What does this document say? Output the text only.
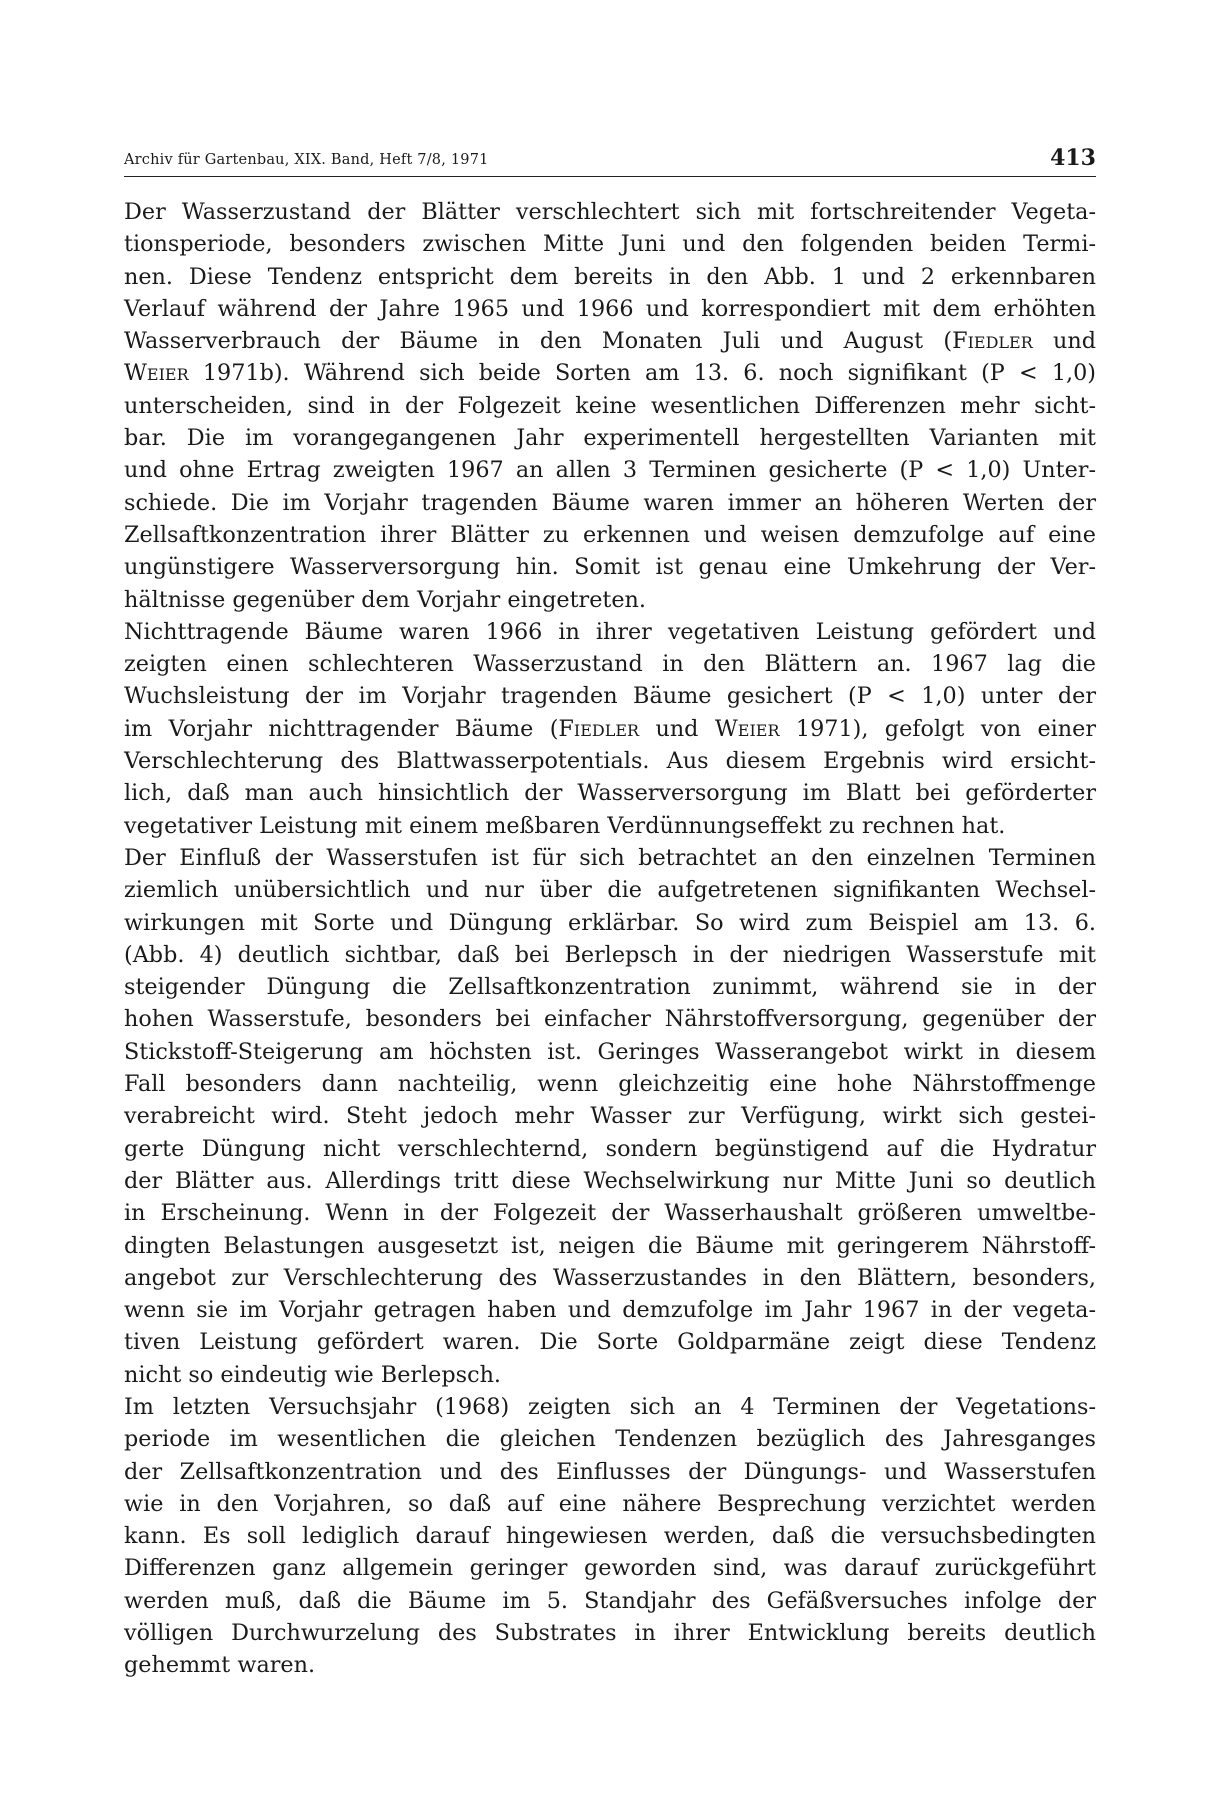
Archiv für Gartenbau, XIX. Band, Heft 7/8, 1971	413
Der Wasserzustand der Blätter verschlechtert sich mit fortschreitender Vegeta-
tionsperiode, besonders zwischen Mitte Juni und den folgenden beiden Termi-
nen. Diese Tendenz entspricht dem bereits in den Abb. 1 und 2 erkennbaren
Verlauf während der Jahre 1965 und 1966 und korrespondiert mit dem erhöhten
Wasserverbrauch der Bäume in den Monaten Juli und August (Fiedler und
Weier 1971b). Während sich beide Sorten am 13. 6. noch signifikant (P < 1,0)
unterscheiden, sind in der Folgezeit keine wesentlichen Differenzen mehr sicht-
bar. Die im vorangegangenen Jahr experimentell hergestellten Varianten mit
und ohne Ertrag zweigten 1967 an allen 3 Terminen gesicherte (P < 1,0) Unter-
schiede. Die im Vorjahr tragenden Bäume waren immer an höheren Werten der
Zellsaftkonzentration ihrer Blätter zu erkennen und weisen demzufolge auf eine
ungünstigere Wasserversorgung hin. Somit ist genau eine Umkehrung der Ver-
hältnisse gegenüber dem Vorjahr eingetreten.
Nichttragende Bäume waren 1966 in ihrer vegetativen Leistung gefördert und
zeigten einen schlechteren Wasserzustand in den Blättern an. 1967 lag die
Wuchsleistung der im Vorjahr tragenden Bäume gesichert (P < 1,0) unter der
im Vorjahr nichttragender Bäume (Fiedler und Weier 1971), gefolgt von einer
Verschlechterung des Blattwasserpotentials. Aus diesem Ergebnis wird ersicht-
lich, daß man auch hinsichtlich der Wasserversorgung im Blatt bei geförderter
vegetativer Leistung mit einem meßbaren Verdünnungseffekt zu rechnen hat.
Der Einfluß der Wasserstufen ist für sich betrachtet an den einzelnen Terminen
ziemlich unübersichtlich und nur über die aufgetretenen signifikanten Wechsel-
wirkungen mit Sorte und Düngung erklärbar. So wird zum Beispiel am 13. 6.
(Abb. 4) deutlich sichtbar, daß bei Berlepsch in der niedrigen Wasserstufe mit
steigender Düngung die Zellsaftkonzentration zunimmt, während sie in der
hohen Wasserstufe, besonders bei einfacher Nährstoffversorgung, gegenüber der
Stickstoff-Steigerung am höchsten ist. Geringes Wasserangebot wirkt in diesem
Fall besonders dann nachteilig, wenn gleichzeitig eine hohe Nährstoffmenge
verabreicht wird. Steht jedoch mehr Wasser zur Verfügung, wirkt sich gestei-
gerte Düngung nicht verschlechternd, sondern begünstigend auf die Hydratur
der Blätter aus. Allerdings tritt diese Wechselwirkung nur Mitte Juni so deutlich
in Erscheinung. Wenn in der Folgezeit der Wasserhaushalt größeren umweltbe-
dingten Belastungen ausgesetzt ist, neigen die Bäume mit geringerem Nährstoff-
angebot zur Verschlechterung des Wasserzustandes in den Blättern, besonders,
wenn sie im Vorjahr getragen haben und demzufolge im Jahr 1967 in der vegeta-
tiven Leistung gefördert waren. Die Sorte Goldparmäne zeigt diese Tendenz
nicht so eindeutig wie Berlepsch.
Im letzten Versuchsjahr (1968) zeigten sich an 4 Terminen der Vegetations-
periode im wesentlichen die gleichen Tendenzen bezüglich des Jahresganges
der Zellsaftkonzentration und des Einflusses der Düngungs- und Wasserstufen
wie in den Vorjahren, so daß auf eine nähere Besprechung verzichtet werden
kann. Es soll lediglich darauf hingewiesen werden, daß die versuchsbedingten
Differenzen ganz allgemein geringer geworden sind, was darauf zurückgeführt
werden muß, daß die Bäume im 5. Standjahr des Gefäßversuches infolge der
völligen Durchwurzelung des Substrates in ihrer Entwicklung bereits deutlich
gehemmt waren.
